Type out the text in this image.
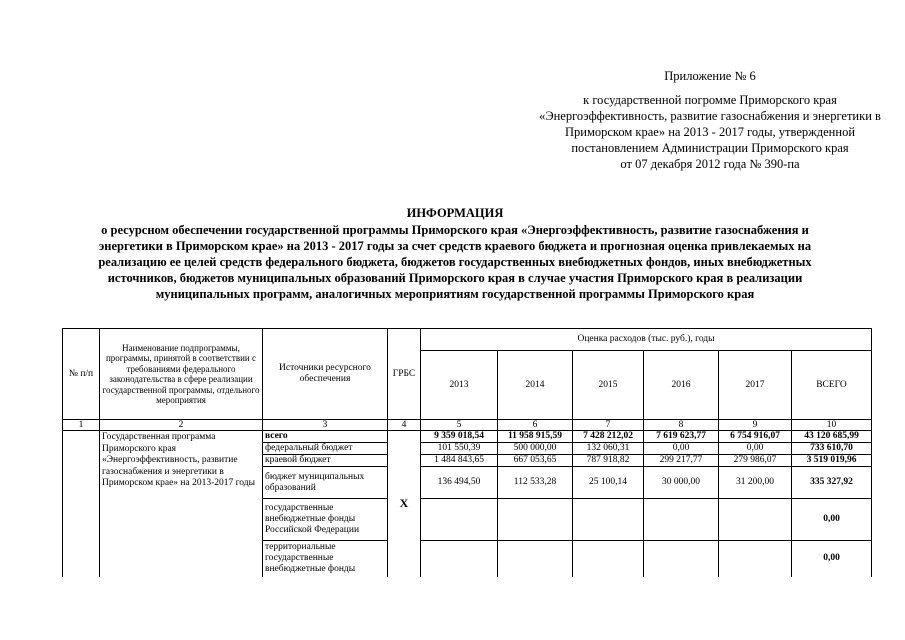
Приложение № 6
к государственной погромме Приморского края
«Энергоэффективность, развитие газоснабжения и энергетики в
Приморском крае» на 2013 - 2017 годы, утвержденной
постановлением Администрации Приморского края
от 07 декабря 2012 года № 390-па
ИНФОРМАЦИЯ
о ресурсном обеспечении государственной программы Приморского края «Энергоэффективность, развитие газоснабжения и
энергетики в Приморском крае» на 2013 - 2017 годы за счет средств краевого бюджета и прогнозная оценка привлекаемых на
реализацию ее целей средств федерального бюджета, бюджетов государственных внебюджетных фондов, иных внебюджетных
источников, бюджетов муниципальных образований Приморского края в случае участия Приморского края в реализации
муниципальных программ, аналогичных мероприятиям государственной программы Приморского края
№ п/п	Наименование подпрограммы, программы, принятой в соответствии с требованиями федерального законодательства в сфере реализации государственной программы, отдельного мероприятия	Источники ресурсного обеспечения	ГРБС	Оценка расходов (тыс. руб.), годы					
				2013	2014	2015	2016	2017	ВСЕГО
1	2	3	4	5	6	7	8	9	10
	Государственная программа Приморского края «Энергоэффективность, развитие газоснабжения и энергетики в Приморском крае» на 2013-2017 годы	всего	Х	9 359 018,54	11 958 915,59	7 428 212,02	7 619 623,77	6 754 916,07	43 120 685,99
		федеральный бюджет		101 550,39	500 000,00	132 060,31	0,00	0,00	733 610,70
		краевой бюджет		1 484 843,65	667 053,65	787 918,82	299 217,77	279 986,07	3 519 019,96
		бюджет муниципальных образований		136 494,50	112 533,28	25 100,14	30 000,00	31 200,00	335 327,92
		государственные внебюджетные фонды Российской Федерации							0,00
		территориальные государственные внебюджетные фонды							0,00
